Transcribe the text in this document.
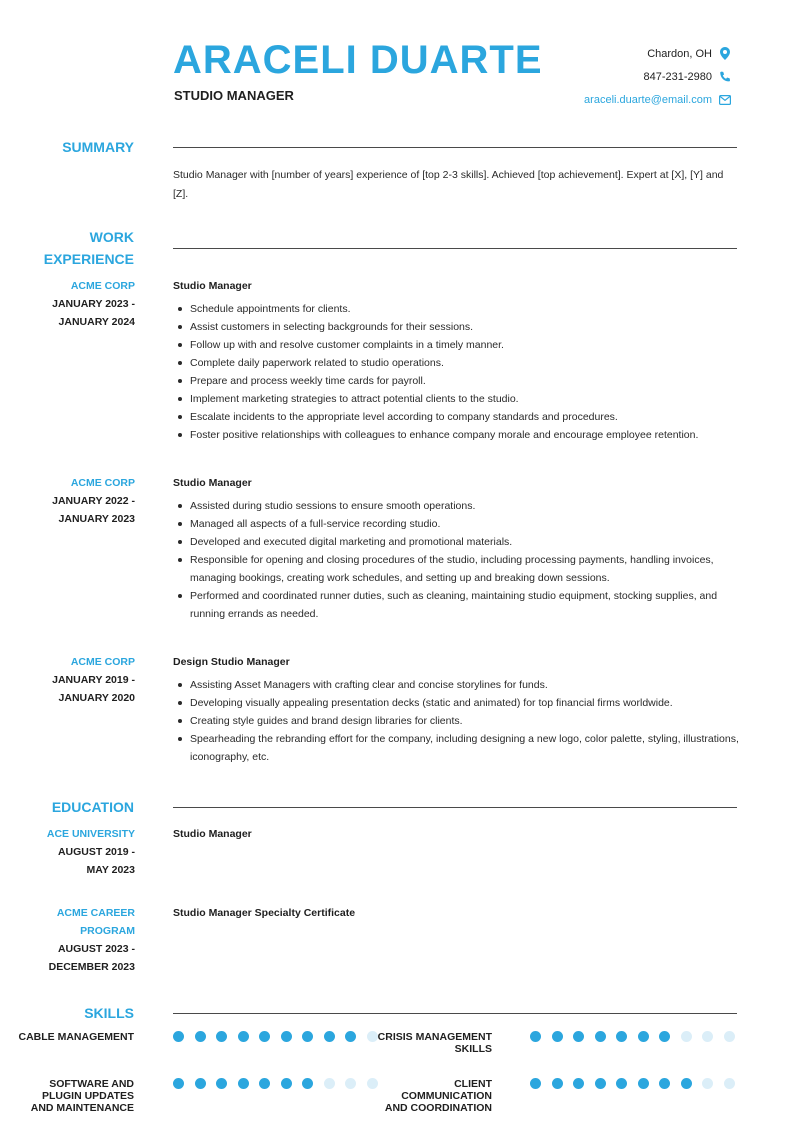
ARACELI DUARTE
STUDIO MANAGER
Chardon, OH
847-231-2980
araceli.duarte@email.com
SUMMARY
Studio Manager with [number of years] experience of [top 2-3 skills]. Achieved [top achievement]. Expert at [X], [Y] and [Z].
WORK
EXPERIENCE
ACME CORP
JANUARY 2023 -
JANUARY 2024
Studio Manager
Schedule appointments for clients.
Assist customers in selecting backgrounds for their sessions.
Follow up with and resolve customer complaints in a timely manner.
Complete daily paperwork related to studio operations.
Prepare and process weekly time cards for payroll.
Implement marketing strategies to attract potential clients to the studio.
Escalate incidents to the appropriate level according to company standards and procedures.
Foster positive relationships with colleagues to enhance company morale and encourage employee retention.
ACME CORP
JANUARY 2022 -
JANUARY 2023
Studio Manager
Assisted during studio sessions to ensure smooth operations.
Managed all aspects of a full-service recording studio.
Developed and executed digital marketing and promotional materials.
Responsible for opening and closing procedures of the studio, including processing payments, handling invoices, managing bookings, creating work schedules, and setting up and breaking down sessions.
Performed and coordinated runner duties, such as cleaning, maintaining studio equipment, stocking supplies, and running errands as needed.
ACME CORP
JANUARY 2019 -
JANUARY 2020
Design Studio Manager
Assisting Asset Managers with crafting clear and concise storylines for funds.
Developing visually appealing presentation decks (static and animated) for top financial firms worldwide.
Creating style guides and brand design libraries for clients.
Spearheading the rebranding effort for the company, including designing a new logo, color palette, styling, illustrations, iconography, etc.
EDUCATION
ACE UNIVERSITY
AUGUST 2019 -
MAY 2023
Studio Manager
ACME CAREER
PROGRAM
AUGUST 2023 -
DECEMBER 2023
Studio Manager Specialty Certificate
SKILLS
CABLE MANAGEMENT	CRISIS MANAGEMENT
SKILLS
SOFTWARE AND
PLUGIN UPDATES
AND MAINTENANCE
CLIENT
COMMUNICATION
AND COORDINATION
